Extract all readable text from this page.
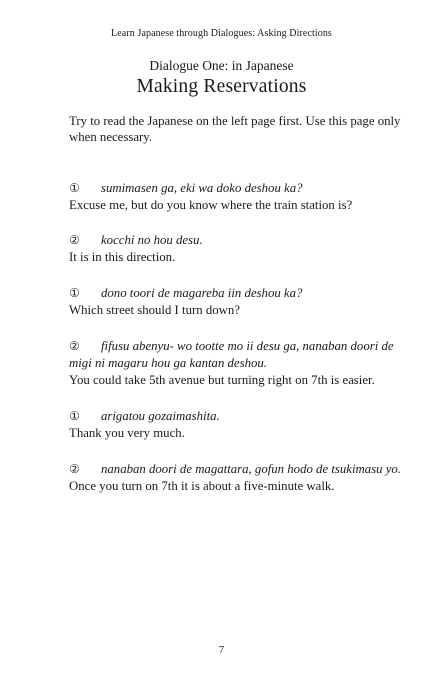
Learn Japanese through Dialogues: Asking Directions
Dialogue One: in Japanese
Making Reservations
Try to read the Japanese on the left page first. Use this page only when necessary.
①	sumimasen ga, eki wa doko deshou ka?
Excuse me, but do you know where the train station is?
②	kocchi no hou desu.
It is in this direction.
①	dono toori de magareba iin deshou ka?
Which street should I turn down?
②	fifusu abenyu- wo tootte mo ii desu ga, nanaban doori de
migi ni magaru hou ga kantan deshou.
You could take 5th avenue but turning right on 7th is easier.
①	arigatou gozaimashita.
Thank you very much.
②	nanaban doori de magattara, gofun hodo de tsukimasu yo.
Once you turn on 7th it is about a five-minute walk.
7
